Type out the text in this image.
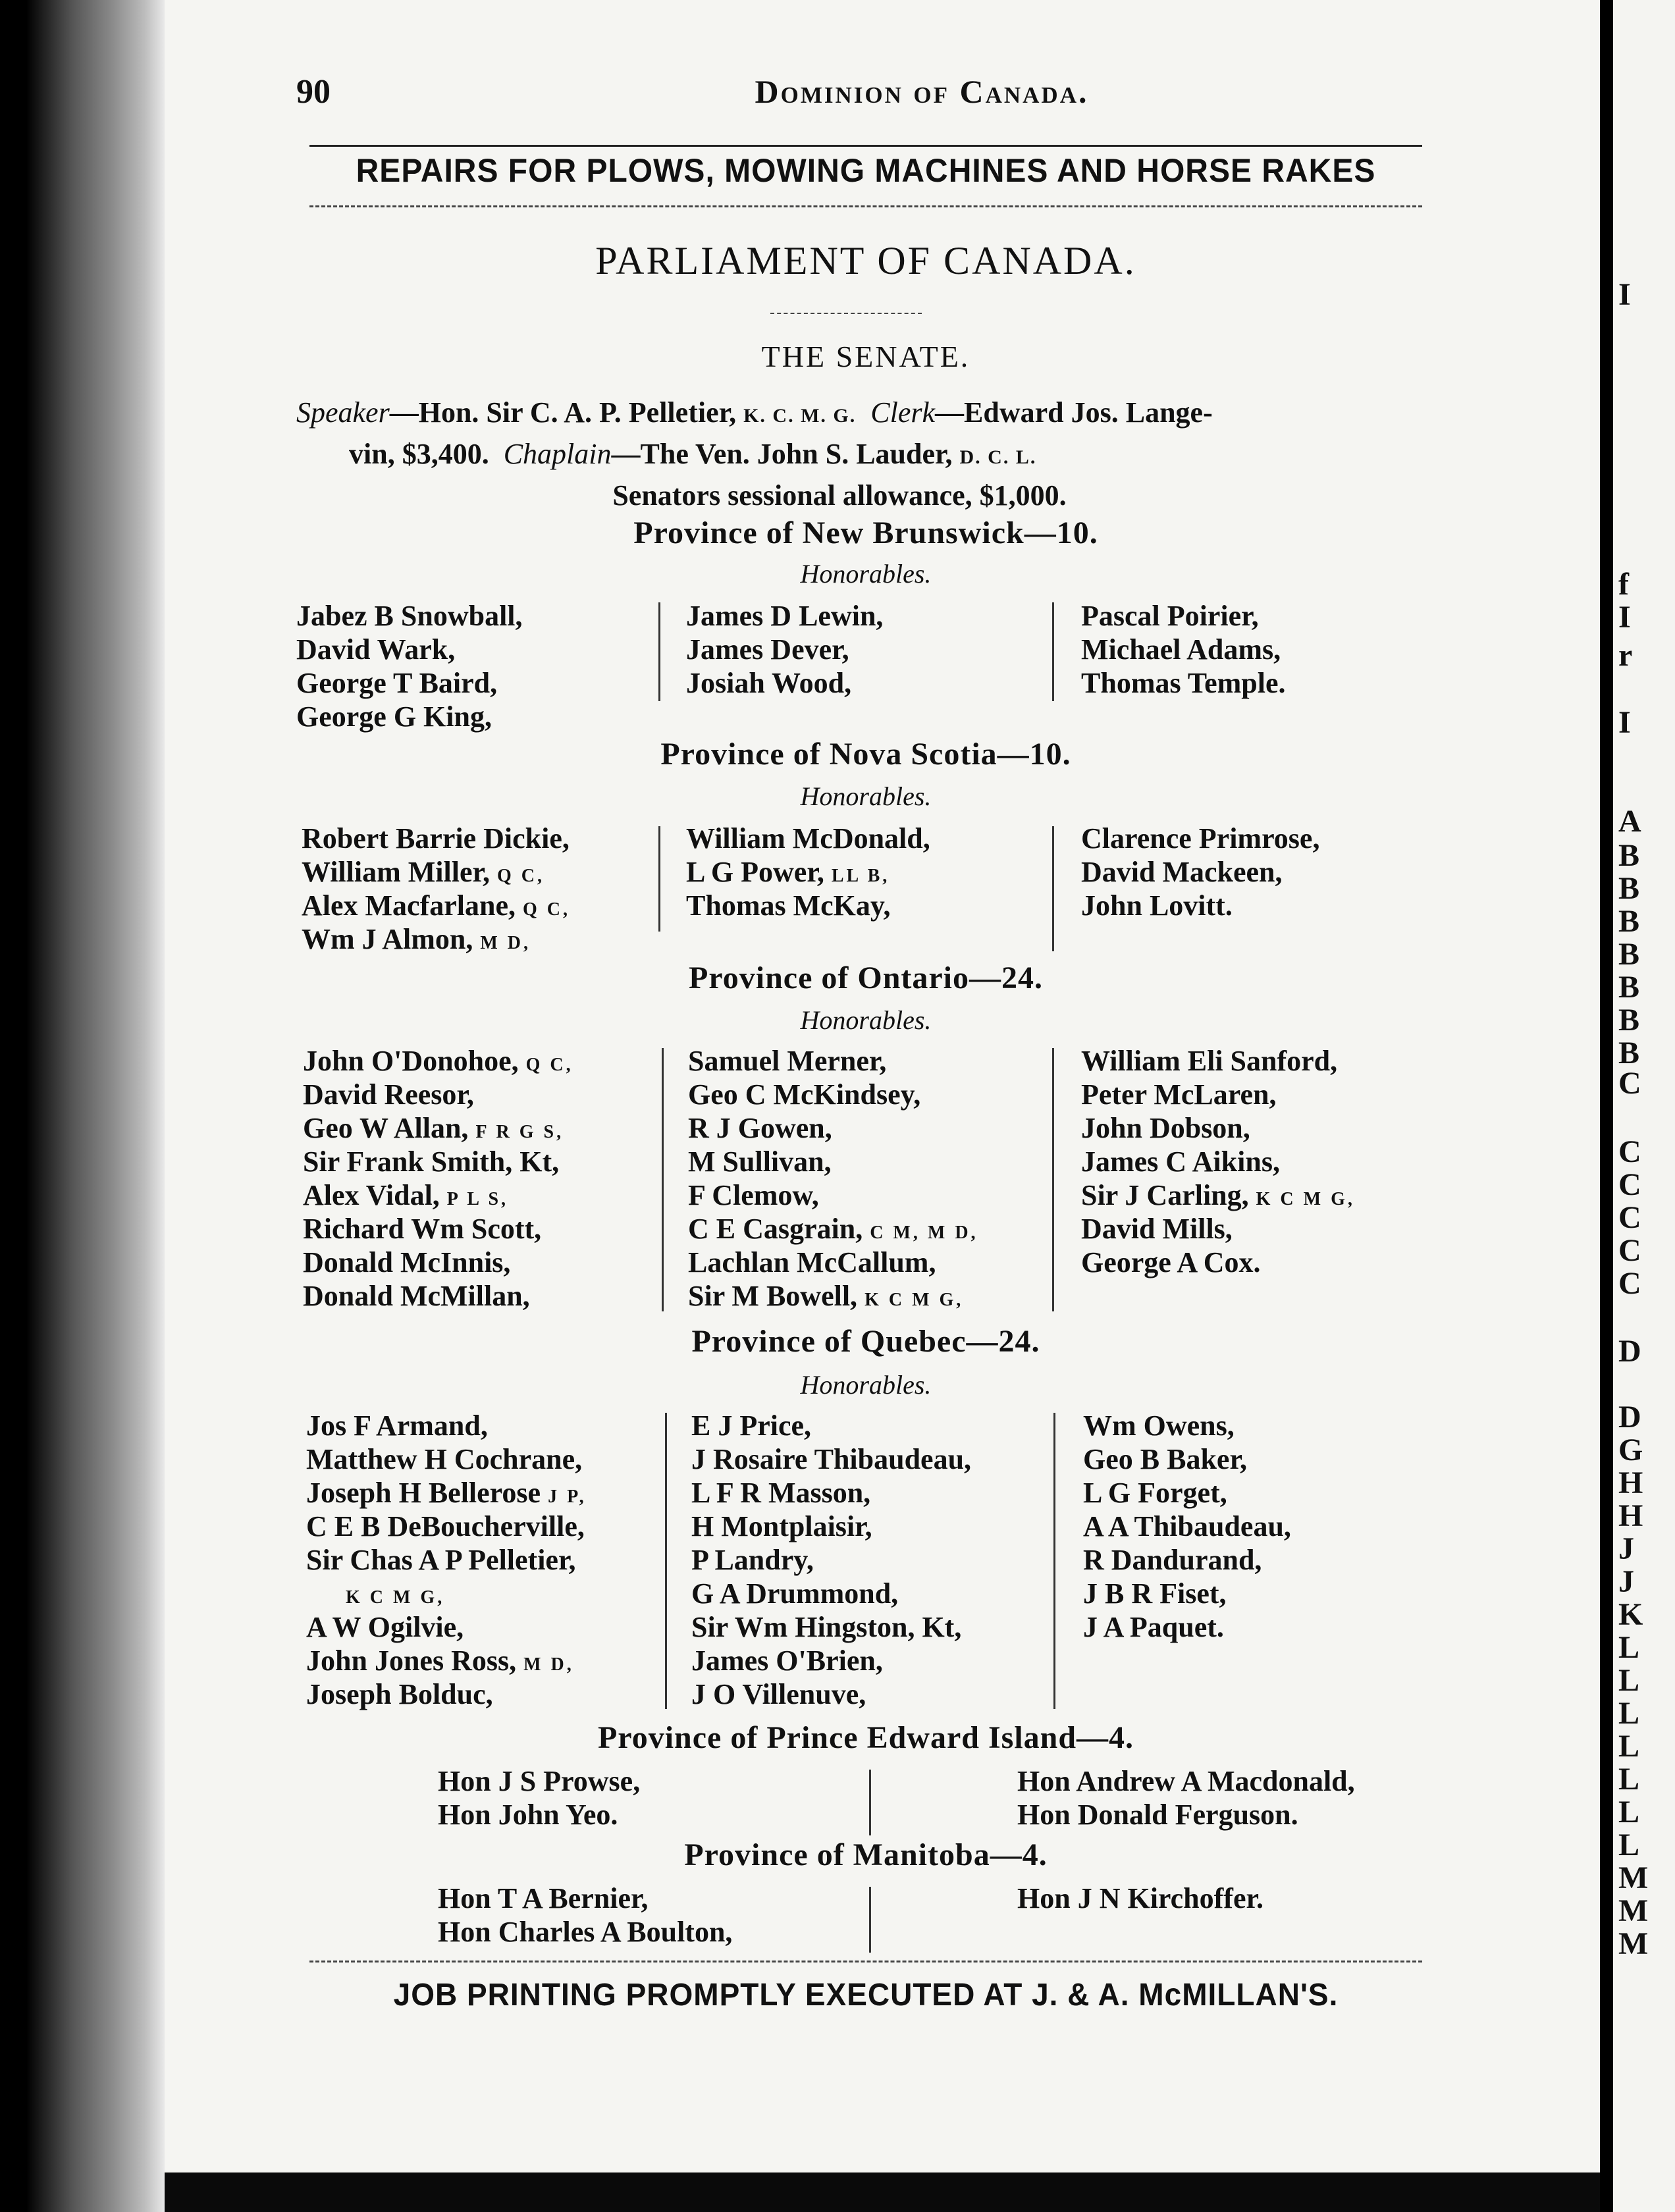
I
f
I
r
I
A
B
B
B
B
B
B
B
C
C
C
C
C
C
D
D
G
H
H
J
J
K
L
L
L
L
L
L
L
M
M
M
90	Dominion of Canada.
REPAIRS FOR PLOWS, MOWING MACHINES AND HORSE RAKES
PARLIAMENT OF CANADA.
THE SENATE.
Speaker—Hon. Sir C. A. P. Pelletier, K. C. M. G. Clerk—Edward Jos. Lange-
vin, $3,400. Chaplain—The Ven. John S. Lauder, D. C. L.
Senators sessional allowance, $1,000.
Province of New Brunswick—10.
Honorables.
Jabez B Snowball,
David Wark,
George T Baird,
George G King,
James D Lewin,
James Dever,
Josiah Wood,
Pascal Poirier,
Michael Adams,
Thomas Temple.
Province of Nova Scotia—10.
Honorables.
Robert Barrie Dickie,
William Miller, Q C,
Alex Macfarlane, Q C,
Wm J Almon, M D,
William McDonald,
L G Power, LL B,
Thomas McKay,
Clarence Primrose,
David Mackeen,
John Lovitt.
Province of Ontario—24.
Honorables.
John O'Donohoe, Q C,
David Reesor,
Geo W Allan, F R G S,
Sir Frank Smith, Kt,
Alex Vidal, P L S,
Richard Wm Scott,
Donald McInnis,
Donald McMillan,
Samuel Merner,
Geo C McKindsey,
R J Gowen,
M Sullivan,
F Clemow,
C E Casgrain, C M, M D,
Lachlan McCallum,
Sir M Bowell, K C M G,
William Eli Sanford,
Peter McLaren,
John Dobson,
James C Aikins,
Sir J Carling, K C M G,
David Mills,
George A Cox.
Province of Quebec—24.
Honorables.
Jos F Armand,
Matthew H Cochrane,
Joseph H Bellerose J P,
C E B DeBoucherville,
Sir Chas A P Pelletier,
K C M G,
A W Ogilvie,
John Jones Ross, M D,
Joseph Bolduc,
E J Price,
J Rosaire Thibaudeau,
L F R Masson,
H Montplaisir,
P Landry,
G A Drummond,
Sir Wm Hingston, Kt,
James O'Brien,
J O Villenuve,
Wm Owens,
Geo B Baker,
L G Forget,
A A Thibaudeau,
R Dandurand,
J B R Fiset,
J A Paquet.
Province of Prince Edward Island—4.
Hon J S Prowse,
Hon John Yeo.
Hon Andrew A Macdonald,
Hon Donald Ferguson.
Province of Manitoba—4.
Hon T A Bernier,
Hon Charles A Boulton,
Hon J N Kirchoffer.
JOB PRINTING PROMPTLY EXECUTED AT J. & A. McMILLAN'S.
